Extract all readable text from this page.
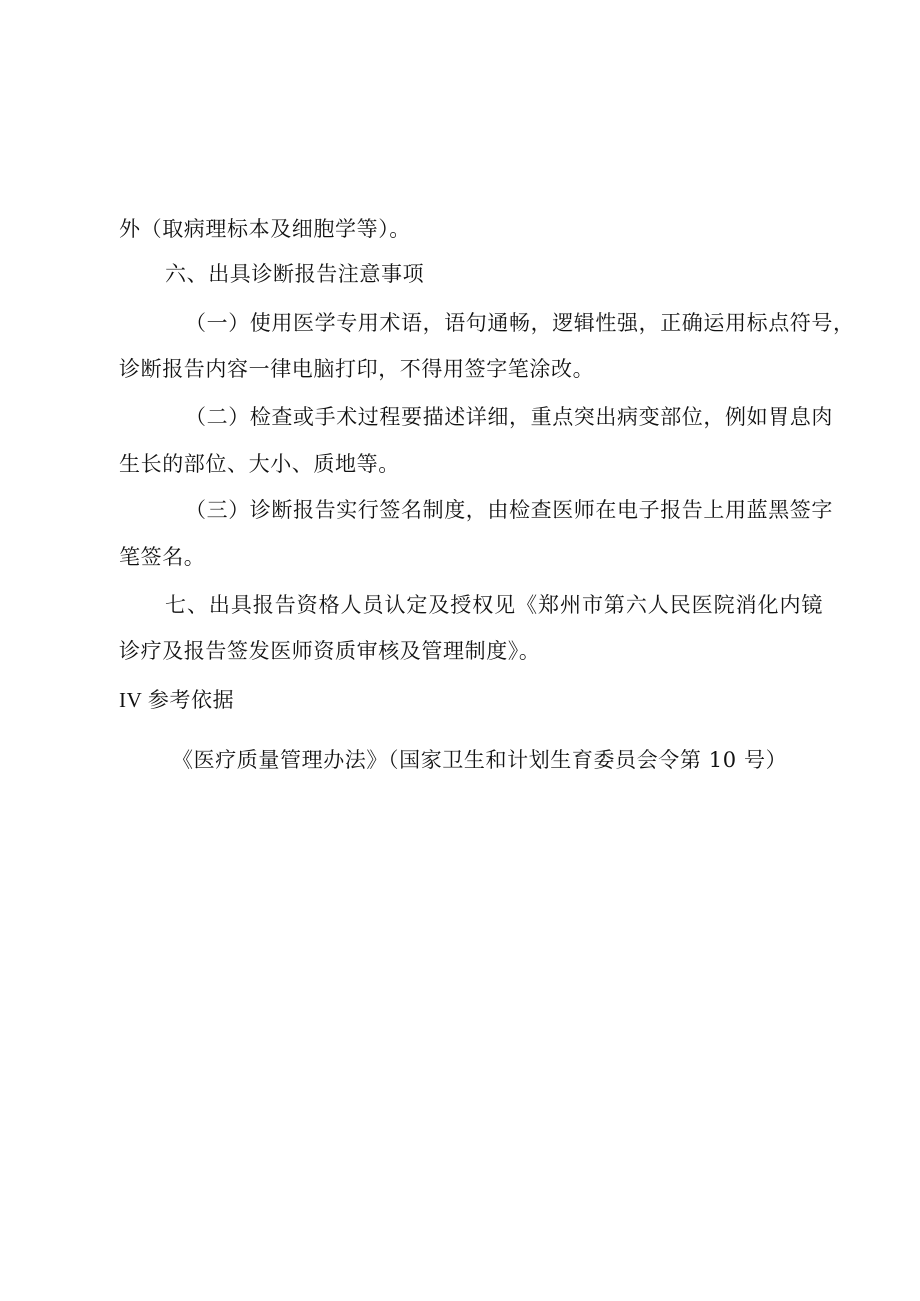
外（取病理标本及细胞学等）。
六、出具诊断报告注意事项
（一）使用医学专用术语，语句通畅，逻辑性强，正确运用标点符号，
诊断报告内容一律电脑打印，不得用签字笔涂改。
（二）检查或手术过程要描述详细，重点突出病变部位，例如胃息肉
生长的部位、大小、质地等。
（三）诊断报告实行签名制度，由检查医师在电子报告上用蓝黑签字
笔签名。
七、出具报告资格人员认定及授权见《郑州市第六人民医院消化内镜
诊疗及报告签发医师资质审核及管理制度》。
IV 参考依据
《医疗质量管理办法》（国家卫生和计划生育委员会令第 10 号）
